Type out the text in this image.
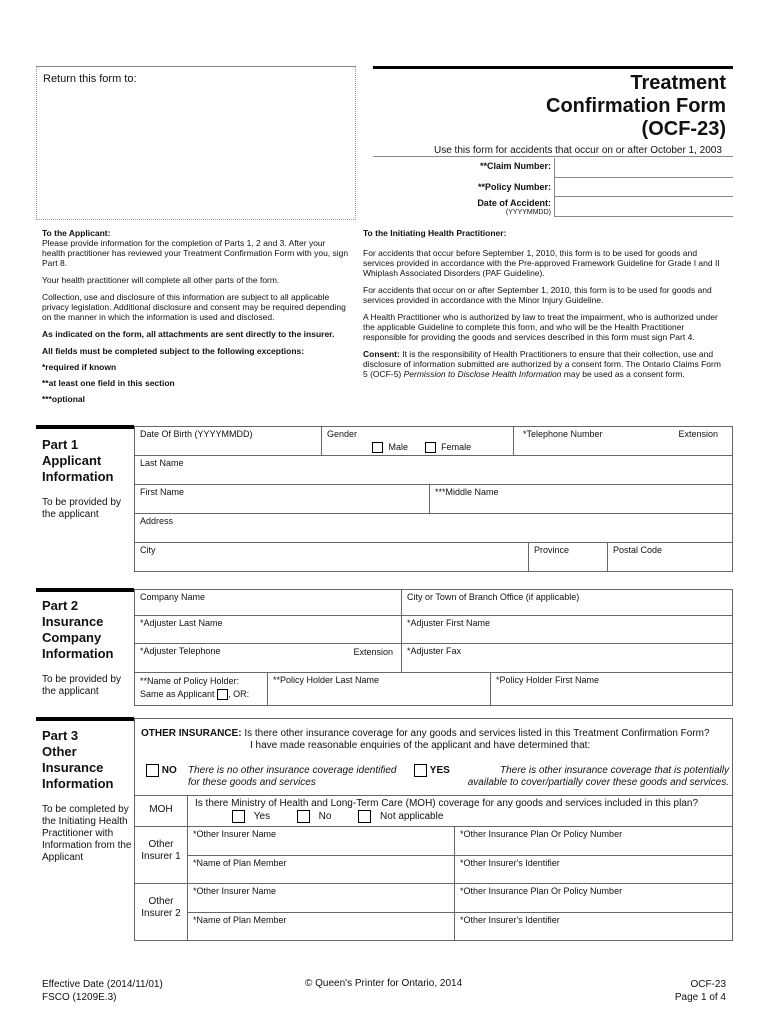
Return this form to:	Treatment
Confirmation Form
(OCF-23)
Use this form for accidents that occur on or after October 1, 2003
**Claim Number:
**Policy Number:
Date of Accident:
(YYYYMMDD)
To the Applicant:
Please provide information for the completion of Parts 1, 2 and 3. After your health practitioner has reviewed your Treatment Confirmation Form with you, sign Part 8.
Your health practitioner will complete all other parts of the form.
Collection, use and disclosure of this information are subject to all applicable privacy legislation. Additional disclosure and consent may be required depending on the manner in which the information is used and disclosed.
As indicated on the form, all attachments are sent directly to the insurer.
All fields must be completed subject to the following exceptions:
*required if known
**at least one field in this section
***optional
To the Initiating Health Practitioner:
For accidents that occur before September 1, 2010, this form is to be used for goods and services provided in accordance with the Pre-approved Framework Guideline for Grade I and II Whiplash Associated Disorders (PAF Guideline).
For accidents that occur on or after September 1, 2010, this form is to be used for goods and services provided in accordance with the Minor Injury Guideline.
A Health Practitioner who is authorized by law to treat the impairment, who is authorized under the applicable Guideline to complete this form, and who will be the Health Practitioner responsible for providing the goods and services described in this form must sign Part 4.
Consent: It is the responsibility of Health Practitioners to ensure that their collection, use and disclosure of information submitted are authorized by a consent form. The Ontario Claims Form 5 (OCF-5) Permission to Disclose Health Information may be used as a consent form.
Part 1
Applicant
Information
To be provided by the applicant
Date Of Birth (YYYYMMDD)	Gender
Male	Female
*Telephone Number	Extension
Last Name
First Name	***Middle Name
Address
City	Province	Postal Code
Part 2
Insurance
Company
Information
To be provided by the applicant
Company Name	City or Town of Branch Office (if applicable)
*Adjuster Last Name	*Adjuster First Name
*Adjuster Telephone	Extension	*Adjuster Fax
**Name of Policy Holder:
Same as Applicant , OR:
**Policy Holder Last Name	*Policy Holder First Name
Part 3
Other
Insurance
Information
To be completed by the Initiating Health Practitioner with Information from the Applicant
OTHER INSURANCE: Is there other insurance coverage for any goods and services listed in this Treatment Confirmation Form?
I have made reasonable enquiries of the applicant and have determined that:
NO There is no other insurance coverage identified for these goods and services
YES	There is other insurance coverage that is potentially available to cover/partially cover these goods and services.
MOH
Is there Ministry of Health and Long-Term Care (MOH) coverage for any goods and services included in this plan?
Yes	No	Not applicable
Other Insurer 1
*Other Insurer Name	*Other Insurance Plan Or Policy Number
*Name of Plan Member	*Other Insurer's Identifier
Other Insurer 2
*Other Insurer Name	*Other Insurance Plan Or Policy Number
*Name of Plan Member	*Other Insurer's Identifier
Effective Date (2014/11/01)
FSCO (1209E.3)
© Queen's Printer for Ontario, 2014	OCF-23
Page 1 of 4
